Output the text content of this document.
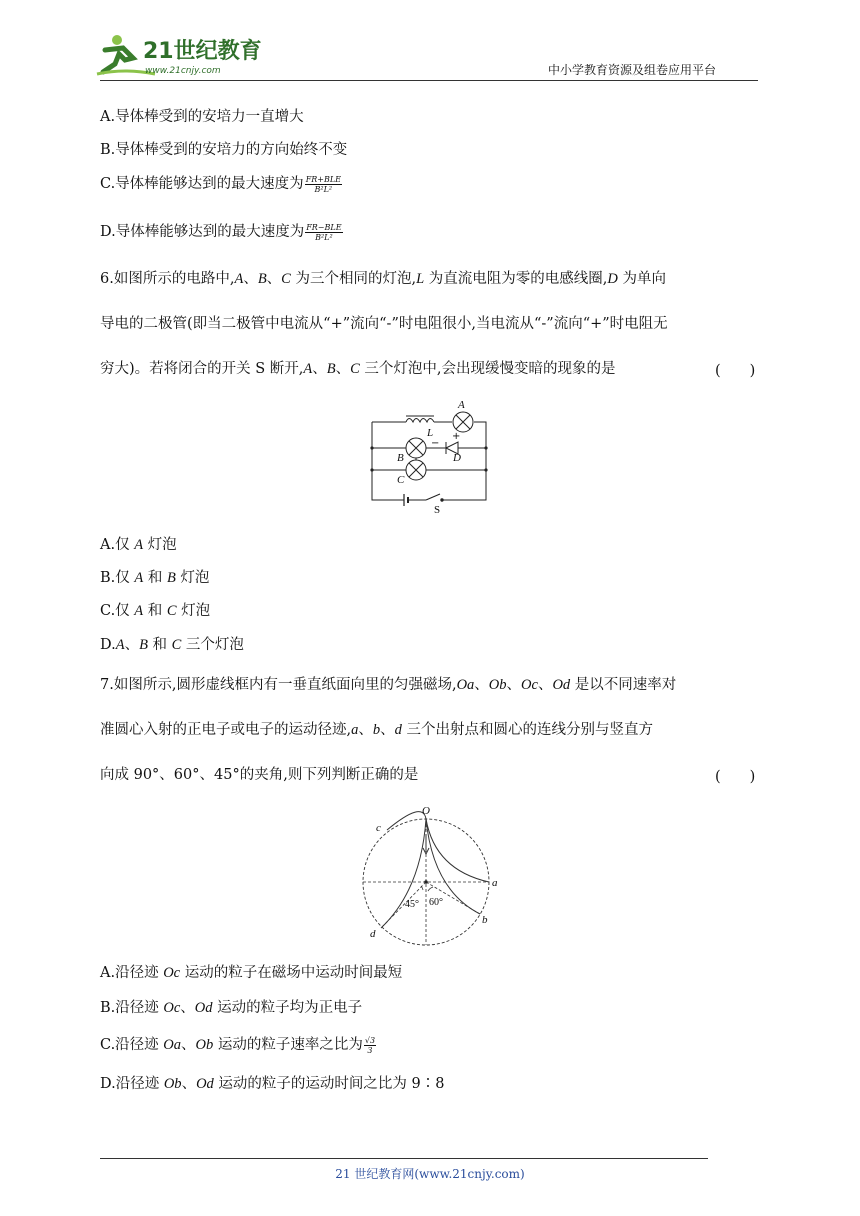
21世纪教育
www.21cnjy.com	中小学教育资源及组卷应用平台
A.导体棒受到的安培力一直增大
B.导体棒受到的安培力的方向始终不变
C.导体棒能够达到的最大速度为 $\frac{\text{FR+BLE}}{\text{B²L²}}$
D.导体棒能够达到的最大速度为 $\frac{\text{FR−BLE}}{\text{B²L²}}$
6.如图所示的电路中,A、B、C 为三个相同的灯泡,L 为直流电阻为零的电感线圈,D 为单向
导电的二极管(即当二极管中电流从“+”流向“-”时电阻很小,当电流从“-”流向“+”时电阻无
穷大)。若将闭合的开关 S 断开,A、B、C 三个灯泡中,会出现缓慢变暗的现象的是	(　　)
A
L
B	D
C
S
−
+
A.仅 A 灯泡
B.仅 A 和 B 灯泡
C.仅 A 和 C 灯泡
D.A、B 和 C 三个灯泡
7.如图所示,圆形虚线框内有一垂直纸面向里的匀强磁场,Oa、Ob、Oc、Od 是以不同速率对
准圆心入射的正电子或电子的运动径迹,a、b、d 三个出射点和圆心的连线分别与竖直方
向成 90°、60°、45°的夹角,则下列判断正确的是	(　　)
O
c
a
b
d
45° 60°
A.沿径迹 Oc 运动的粒子在磁场中运动时间最短
B.沿径迹 Oc、Od 运动的粒子均为正电子
C.沿径迹 Oa、Ob 运动的粒子速率之比为 $\frac{√3}{3}$
D.沿径迹 Ob、Od 运动的粒子的运动时间之比为 9∶8
21 世纪教育网(www.21cnjy.com)
